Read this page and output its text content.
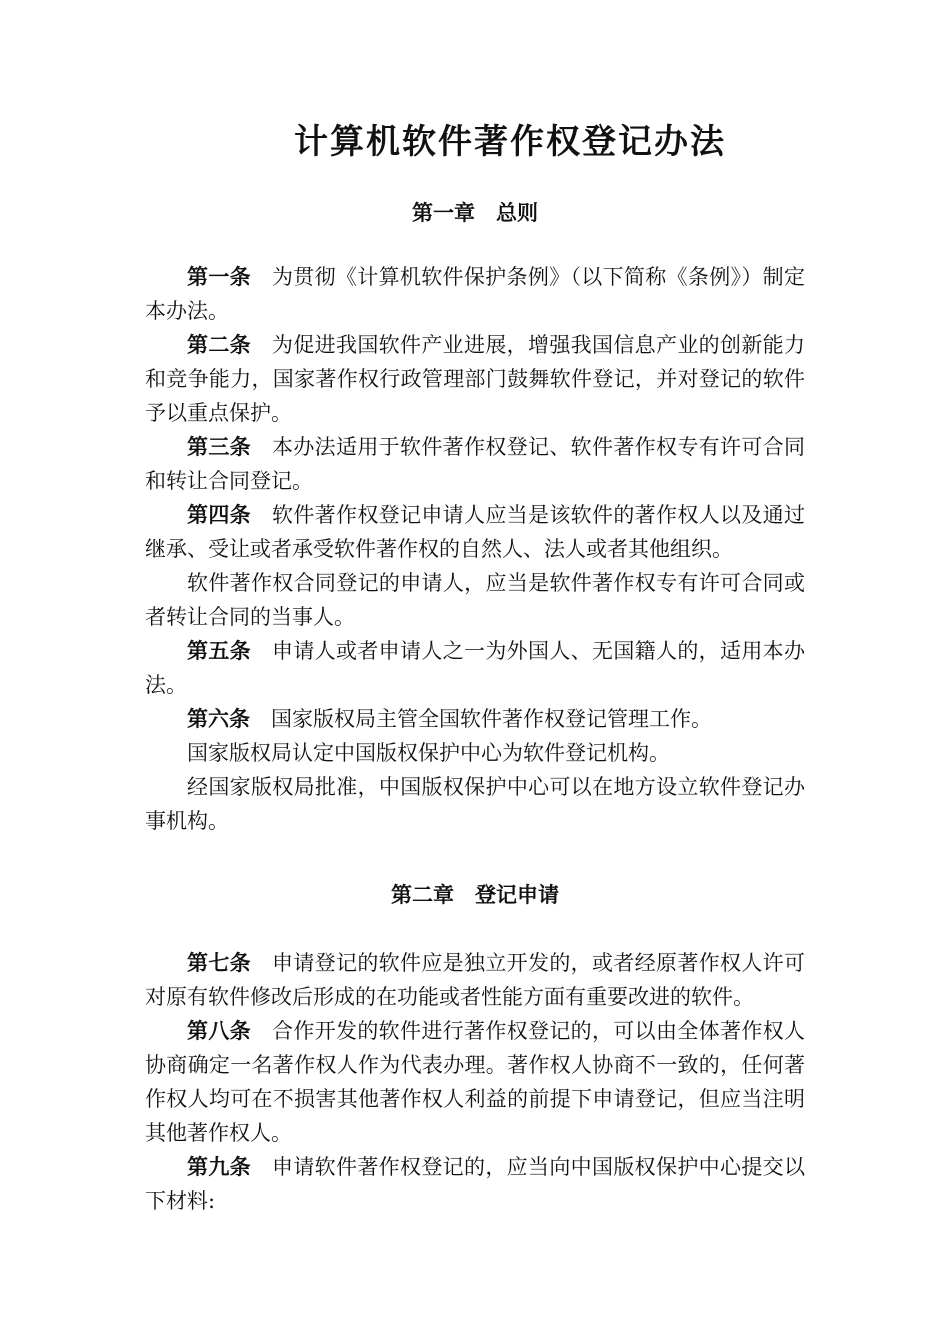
计算机软件著作权登记办法
第一章　总则

第一条 为贯彻《计算机软件保护条例》（以下简称《条例》）制定本办法。

第二条 为促进我国软件产业进展，增强我国信息产业的创新能力和竞争能力，国家著作权行政管理部门鼓舞软件登记，并对登记的软件予以重点保护。

第三条 本办法适用于软件著作权登记、软件著作权专有许可合同和转让合同登记。

第四条 软件著作权登记申请人应当是该软件的著作权人以及通过继承、受让或者承受软件著作权的自然人、法人或者其他组织。

软件著作权合同登记的申请人，应当是软件著作权专有许可合同或者转让合同的当事人。

第五条 申请人或者申请人之一为外国人、无国籍人的，适用本办法。

第六条 国家版权局主管全国软件著作权登记管理工作。

国家版权局认定中国版权保护中心为软件登记机构。

经国家版权局批准，中国版权保护中心可以在地方设立软件登记办事机构。

第二章　登记申请

第七条 申请登记的软件应是独立开发的，或者经原著作权人许可对原有软件修改后形成的在功能或者性能方面有重要改进的软件。

第八条 合作开发的软件进行著作权登记的，可以由全体著作权人协商确定一名著作权人作为代表办理。著作权人协商不一致的，任何著作权人均可在不损害其他著作权人利益的前提下申请登记，但应当注明其他著作权人。

第九条 申请软件著作权登记的，应当向中国版权保护中心提交以下材料:
